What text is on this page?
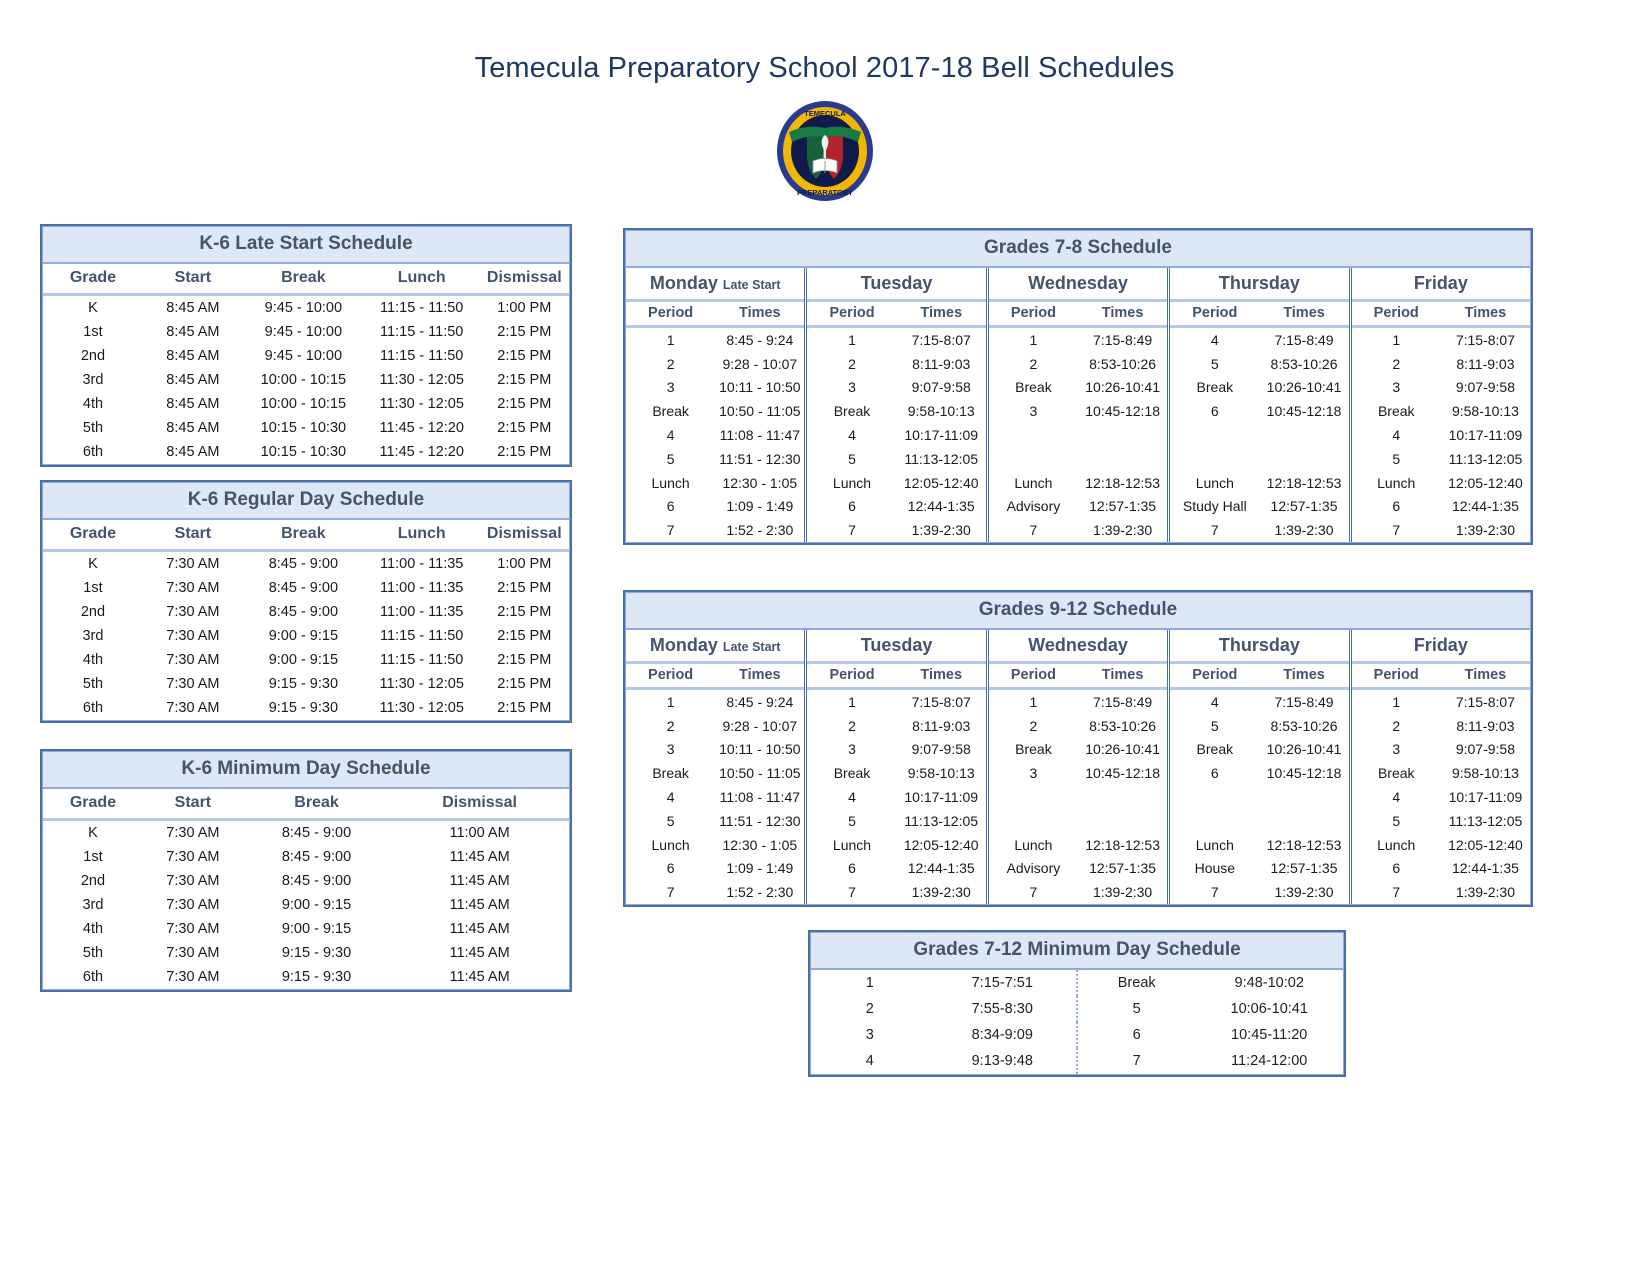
Temecula Preparatory School 2017-18 Bell Schedules
TEMECULA
PREPARATORY
K-6 Late Start Schedule
Grade	Start	Break	Lunch	Dismissal
K	8:45 AM	9:45 - 10:00	11:15 - 11:50	1:00 PM
1st	8:45 AM	9:45 - 10:00	11:15 - 11:50	2:15 PM
2nd	8:45 AM	9:45 - 10:00	11:15 - 11:50	2:15 PM
3rd	8:45 AM	10:00 - 10:15	11:30 - 12:05	2:15 PM
4th	8:45 AM	10:00 - 10:15	11:30 - 12:05	2:15 PM
5th	8:45 AM	10:15 - 10:30	11:45 - 12:20	2:15 PM
6th	8:45 AM	10:15 - 10:30	11:45 - 12:20	2:15 PM
K-6 Regular Day Schedule
Grade	Start	Break	Lunch	Dismissal
K	7:30 AM	8:45 - 9:00	11:00 - 11:35	1:00 PM
1st	7:30 AM	8:45 - 9:00	11:00 - 11:35	2:15 PM
2nd	7:30 AM	8:45 - 9:00	11:00 - 11:35	2:15 PM
3rd	7:30 AM	9:00 - 9:15	11:15 - 11:50	2:15 PM
4th	7:30 AM	9:00 - 9:15	11:15 - 11:50	2:15 PM
5th	7:30 AM	9:15 - 9:30	11:30 - 12:05	2:15 PM
6th	7:30 AM	9:15 - 9:30	11:30 - 12:05	2:15 PM
K-6 Minimum Day Schedule
Grade	Start	Break	Dismissal
K	7:30 AM	8:45 - 9:00	11:00 AM
1st	7:30 AM	8:45 - 9:00	11:45 AM
2nd	7:30 AM	8:45 - 9:00	11:45 AM
3rd	7:30 AM	9:00 - 9:15	11:45 AM
4th	7:30 AM	9:00 - 9:15	11:45 AM
5th	7:30 AM	9:15 - 9:30	11:45 AM
6th	7:30 AM	9:15 - 9:30	11:45 AM
Grades 7-8 Schedule
Monday Late Start
Period	Times
1	8:45 - 9:24
2	9:28 - 10:07
3	10:11 - 10:50
Break	10:50 - 11:05
4	11:08 - 11:47
5	11:51 - 12:30
Lunch	12:30 - 1:05
6	1:09 - 1:49
7	1:52 - 2:30
Tuesday
Period	Times
1	7:15-8:07
2	8:11-9:03
3	9:07-9:58
Break	9:58-10:13
4	10:17-11:09
5	11:13-12:05
Lunch	12:05-12:40
6	12:44-1:35
7	1:39-2:30
Wednesday
Period	Times
1	7:15-8:49
2	8:53-10:26
Break	10:26-10:41
3	10:45-12:18

Lunch	12:18-12:53
Advisory	12:57-1:35
7	1:39-2:30
Thursday
Period	Times
4	7:15-8:49
5	8:53-10:26
Break	10:26-10:41
6	10:45-12:18

Lunch	12:18-12:53
Study Hall	12:57-1:35
7	1:39-2:30
Friday
Period	Times
1	7:15-8:07
2	8:11-9:03
3	9:07-9:58
Break	9:58-10:13
4	10:17-11:09
5	11:13-12:05
Lunch	12:05-12:40
6	12:44-1:35
7	1:39-2:30
Grades 9-12 Schedule
Monday Late Start
Period	Times
1	8:45 - 9:24
2	9:28 - 10:07
3	10:11 - 10:50
Break	10:50 - 11:05
4	11:08 - 11:47
5	11:51 - 12:30
Lunch	12:30 - 1:05
6	1:09 - 1:49
7	1:52 - 2:30
Tuesday
Period	Times
1	7:15-8:07
2	8:11-9:03
3	9:07-9:58
Break	9:58-10:13
4	10:17-11:09
5	11:13-12:05
Lunch	12:05-12:40
6	12:44-1:35
7	1:39-2:30
Wednesday
Period	Times
1	7:15-8:49
2	8:53-10:26
Break	10:26-10:41
3	10:45-12:18

Lunch	12:18-12:53
Advisory	12:57-1:35
7	1:39-2:30
Thursday
Period	Times
4	7:15-8:49
5	8:53-10:26
Break	10:26-10:41
6	10:45-12:18

Lunch	12:18-12:53
House	12:57-1:35
7	1:39-2:30
Friday
Period	Times
1	7:15-8:07
2	8:11-9:03
3	9:07-9:58
Break	9:58-10:13
4	10:17-11:09
5	11:13-12:05
Lunch	12:05-12:40
6	12:44-1:35
7	1:39-2:30
Grades 7-12 Minimum Day Schedule
1	7:15-7:51	Break	9:48-10:02
2	7:55-8:30	5	10:06-10:41
3	8:34-9:09	6	10:45-11:20
4	9:13-9:48	7	11:24-12:00
